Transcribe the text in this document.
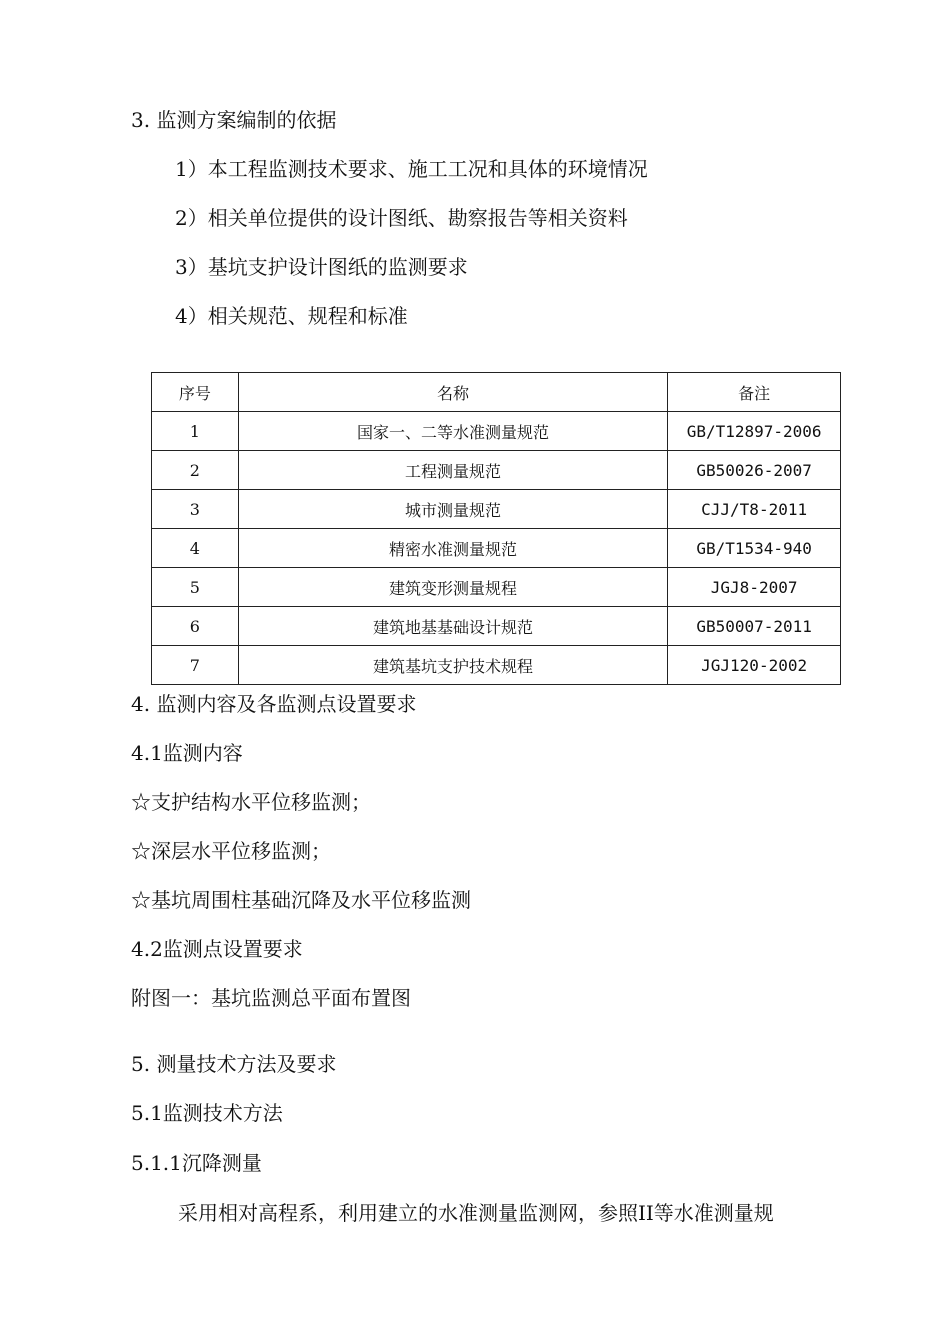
3. 监测方案编制的依据
1）本工程监测技术要求、施工工况和具体的环境情况
2）相关单位提供的设计图纸、勘察报告等相关资料
3）基坑支护设计图纸的监测要求
4）相关规范、规程和标准
序号	名称	备注
1	国家一、二等水准测量规范	GB/T12897-2006
2	工程测量规范	GB50026-2007
3	城市测量规范	CJJ/T8-2011
4	精密水准测量规范	GB/T1534-940
5	建筑变形测量规程	JGJ8-2007
6	建筑地基基础设计规范	GB50007-2011
7	建筑基坑支护技术规程	JGJ120-2002
4. 监测内容及各监测点设置要求
4.1监测内容
☆支护结构水平位移监测；
☆深层水平位移监测；
☆基坑周围柱基础沉降及水平位移监测
4.2监测点设置要求
附图一：基坑监测总平面布置图
5. 测量技术方法及要求
5.1监测技术方法
5.1.1沉降测量
采用相对高程系，利用建立的水准测量监测网，参照II等水准测量规
